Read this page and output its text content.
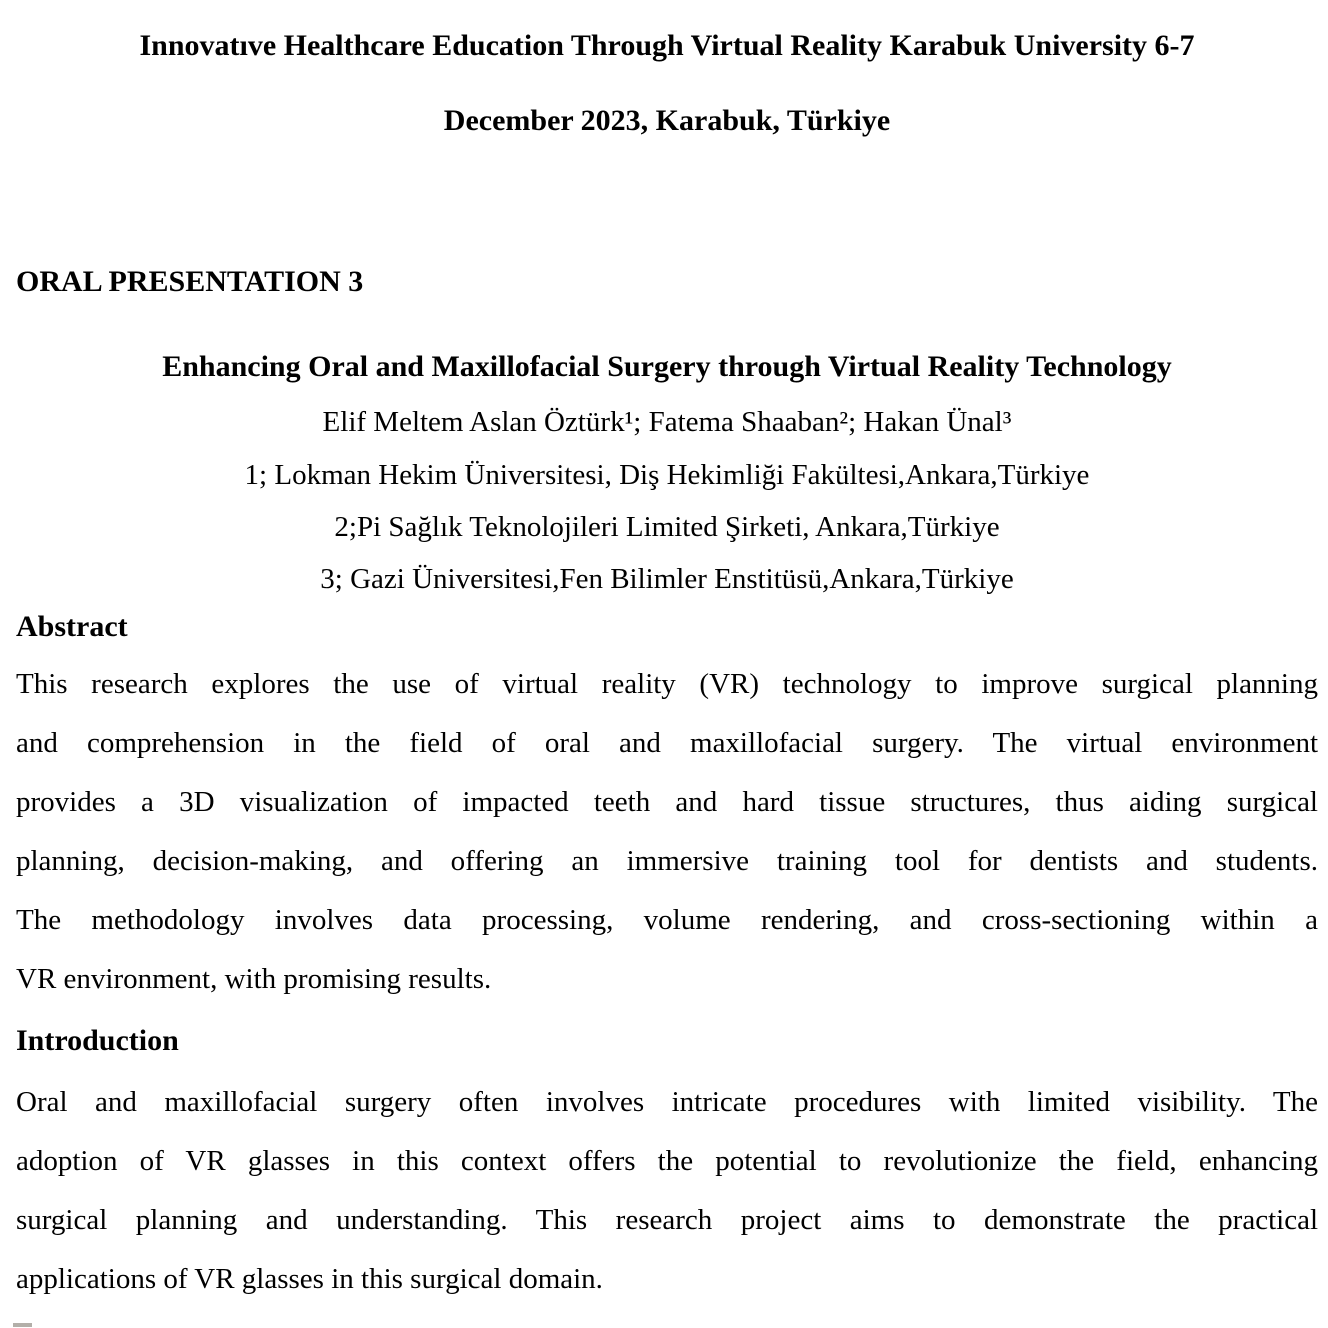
Innovatıve Healthcare Education Through Virtual Reality Karabuk University 6-7
December 2023, Karabuk, Türkiye
ORAL PRESENTATION 3
Enhancing Oral and Maxillofacial Surgery through Virtual Reality Technology
Elif Meltem Aslan Öztürk¹; Fatema Shaaban²; Hakan Ünal³
1; Lokman Hekim Üniversitesi, Diş Hekimliği Fakültesi,Ankara,Türkiye
2;Pi Sağlık Teknolojileri Limited Şirketi, Ankara,Türkiye
3; Gazi Üniversitesi,Fen Bilimler Enstitüsü,Ankara,Türkiye
Abstract
This research explores the use of virtual reality (VR) technology to improve surgical planning
and comprehension in the field of oral and maxillofacial surgery. The virtual environment
provides a 3D visualization of impacted teeth and hard tissue structures, thus aiding surgical
planning, decision-making, and offering an immersive training tool for dentists and students.
The methodology involves data processing, volume rendering, and cross-sectioning within a
VR environment, with promising results.
Introduction
Oral and maxillofacial surgery often involves intricate procedures with limited visibility. The
adoption of VR glasses in this context offers the potential to revolutionize the field, enhancing
surgical planning and understanding. This research project aims to demonstrate the practical
applications of VR glasses in this surgical domain.
